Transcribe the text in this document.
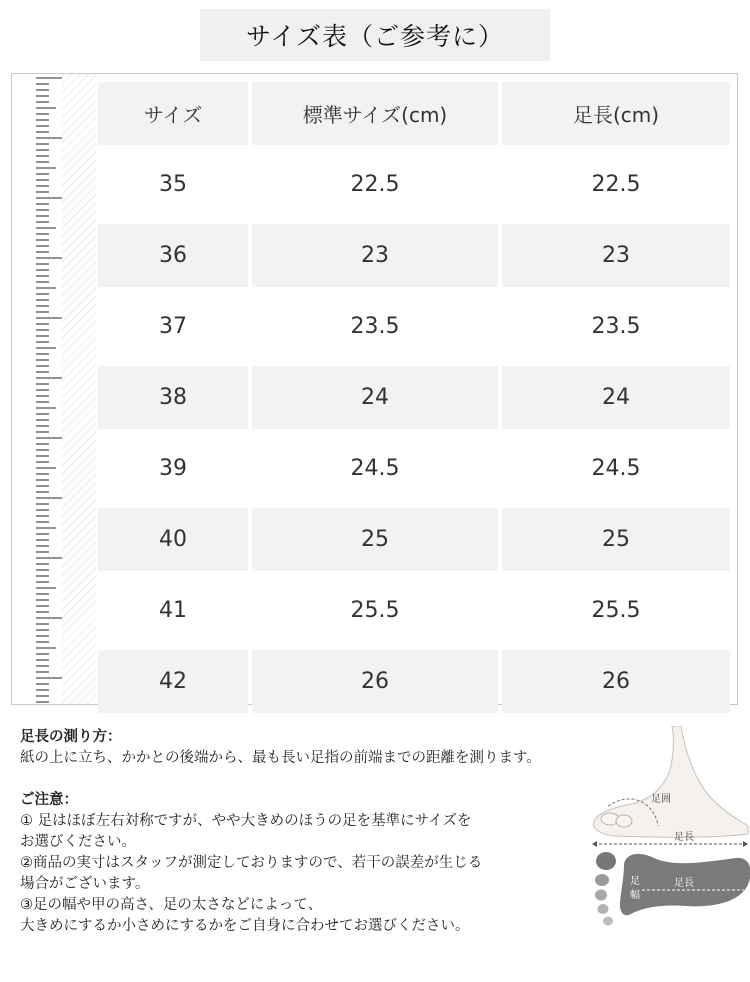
サイズ表（ご参考に）
サイズ	標準サイズ(cm)	足長(cm)
35	22.5	22.5
36	23	23
37	23.5	23.5
38	24	24
39	24.5	24.5
40	25	25
41	25.5	25.5
42	26	26
足長の測り方：
紙の上に立ち、かかとの後端から、最も長い足指の前端までの距離を測ります。
ご注意：
① 足はほぼ左右対称ですが、やや大きめのほうの足を基準にサイズを
お選びください。
②商品の実寸はスタッフが測定しておりますので、若干の誤差が生じる
場合がございます。
③足の幅や甲の高さ、足の太さなどによって、
大きめにするか小さめにするかをご自身に合わせてお選びください。
足囲
足長
足
幅
足長
